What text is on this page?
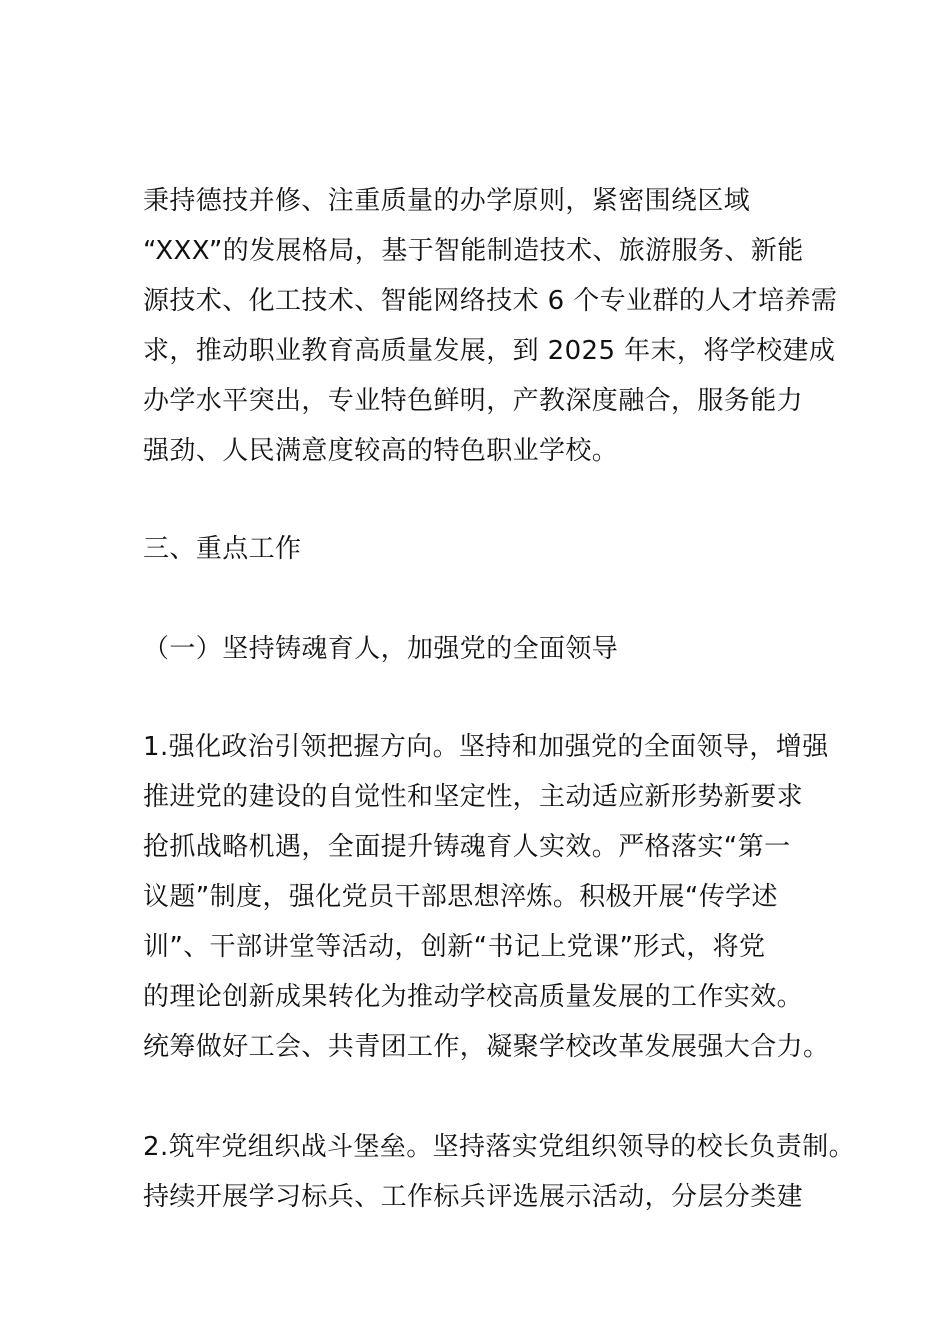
秉持德技并修、注重质量的办学原则，紧密围绕区域
“XXX”的发展格局，基于智能制造技术、旅游服务、新能
源技术、化工技术、智能网络技术 6 个专业群的人才培养需
求，推动职业教育高质量发展，到 2025 年末，将学校建成
办学水平突出，专业特色鲜明，产教深度融合，服务能力
强劲、人民满意度较高的特色职业学校。
三、重点工作
（一）坚持铸魂育人，加强党的全面领导
1.强化政治引领把握方向。坚持和加强党的全面领导，增强
推进党的建设的自觉性和坚定性，主动适应新形势新要求
抢抓战略机遇，全面提升铸魂育人实效。严格落实“第一
议题”制度，强化党员干部思想淬炼。积极开展“传学述
训”、干部讲堂等活动，创新“书记上党课”形式，将党
的理论创新成果转化为推动学校高质量发展的工作实效。
统筹做好工会、共青团工作，凝聚学校改革发展强大合力。
2.筑牢党组织战斗堡垒。坚持落实党组织领导的校长负责制。
持续开展学习标兵、工作标兵评选展示活动，分层分类建
